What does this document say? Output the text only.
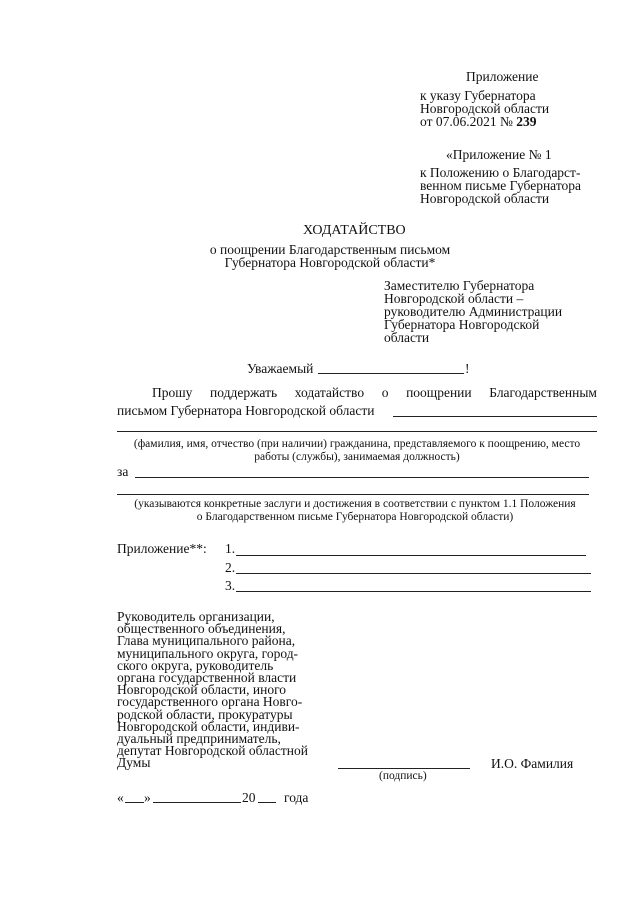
Приложение
к указу Губернатора
Новгородской области
от 07.06.2021 № 239
«Приложение № 1
к Положению о Благодарст-
венном письме Губернатора
Новгородской области
ХОДАТАЙСТВО
о поощрении Благодарственным письмом
Губернатора Новгородской области*
Заместителю Губернатора
Новгородской области –
руководителю Администрации
Губернатора Новгородской
области
Уважаемый	!
Прошу поддержать ходатайство о поощрении Благодарственным
письмом Губернатора Новгородской области
(фамилия, имя, отчество (при наличии) гражданина, представляемого к поощрению, место
работы (службы), занимаемая должность)
за
(указываются конкретные заслуги и достижения в соответствии с пунктом 1.1 Положения
о Благодарственном письме Губернатора Новгородской области)
Приложение**: 1.
2.
3.
Руководитель организации,
общественного объединения,
Глава муниципального района,
муниципального округа, город-
ского округа, руководитель
органа государственной власти
Новгородской области, иного
государственного органа Новго-
родской области, прокуратуры
Новгородской области, индиви-
дуальный предприниматель,
депутат Новгородской областной
Думы
(подпись)
И.О. Фамилия
« »	20 года
